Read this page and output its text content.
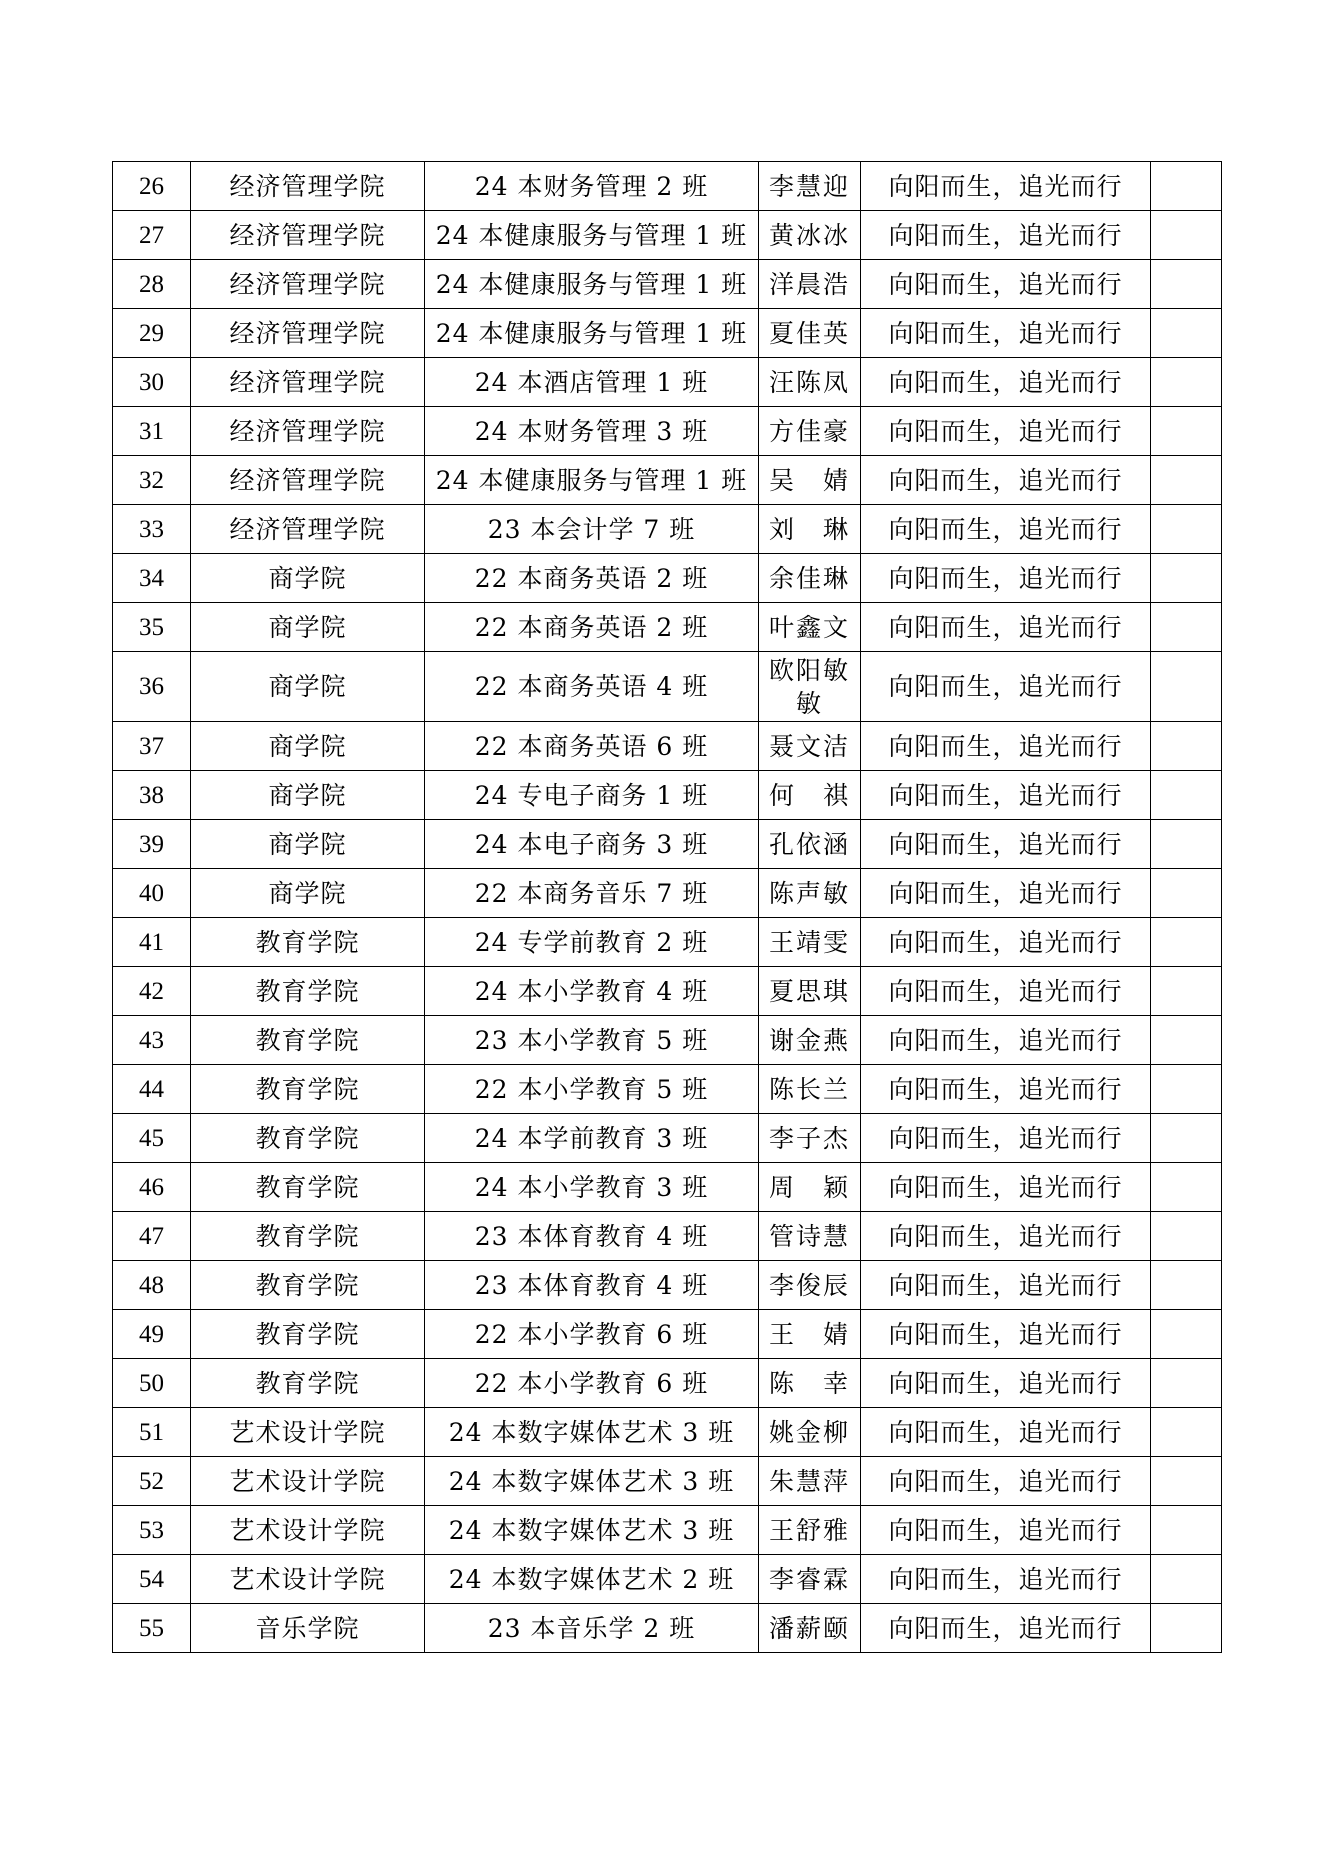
26	经济管理学院	24 本财务管理 2 班	李慧迎	向阳而生，追光而行	
27	经济管理学院	24 本健康服务与管理 1 班	黄冰冰	向阳而生，追光而行	
28	经济管理学院	24 本健康服务与管理 1 班	洋晨浩	向阳而生，追光而行	
29	经济管理学院	24 本健康服务与管理 1 班	夏佳英	向阳而生，追光而行	
30	经济管理学院	24 本酒店管理 1 班	汪陈凤	向阳而生，追光而行	
31	经济管理学院	24 本财务管理 3 班	方佳豪	向阳而生，追光而行	
32	经济管理学院	24 本健康服务与管理 1 班	吴　婧	向阳而生，追光而行	
33	经济管理学院	23 本会计学 7 班	刘　琳	向阳而生，追光而行	
34	商学院	22 本商务英语 2 班	余佳琳	向阳而生，追光而行	
35	商学院	22 本商务英语 2 班	叶鑫文	向阳而生，追光而行	
36	商学院	22 本商务英语 4 班	欧阳敏敏	向阳而生，追光而行	
37	商学院	22 本商务英语 6 班	聂文洁	向阳而生，追光而行	
38	商学院	24 专电子商务 1 班	何　祺	向阳而生，追光而行	
39	商学院	24 本电子商务 3 班	孔依涵	向阳而生，追光而行	
40	商学院	22 本商务音乐 7 班	陈声敏	向阳而生，追光而行	
41	教育学院	24 专学前教育 2 班	王靖雯	向阳而生，追光而行	
42	教育学院	24 本小学教育 4 班	夏思琪	向阳而生，追光而行	
43	教育学院	23 本小学教育 5 班	谢金燕	向阳而生，追光而行	
44	教育学院	22 本小学教育 5 班	陈长兰	向阳而生，追光而行	
45	教育学院	24 本学前教育 3 班	李子杰	向阳而生，追光而行	
46	教育学院	24 本小学教育 3 班	周　颖	向阳而生，追光而行	
47	教育学院	23 本体育教育 4 班	管诗慧	向阳而生，追光而行	
48	教育学院	23 本体育教育 4 班	李俊辰	向阳而生，追光而行	
49	教育学院	22 本小学教育 6 班	王　婧	向阳而生，追光而行	
50	教育学院	22 本小学教育 6 班	陈　幸	向阳而生，追光而行	
51	艺术设计学院	24 本数字媒体艺术 3 班	姚金柳	向阳而生，追光而行	
52	艺术设计学院	24 本数字媒体艺术 3 班	朱慧萍	向阳而生，追光而行	
53	艺术设计学院	24 本数字媒体艺术 3 班	王舒雅	向阳而生，追光而行	
54	艺术设计学院	24 本数字媒体艺术 2 班	李睿霖	向阳而生，追光而行	
55	音乐学院	23 本音乐学 2 班	潘薪颐	向阳而生，追光而行	
